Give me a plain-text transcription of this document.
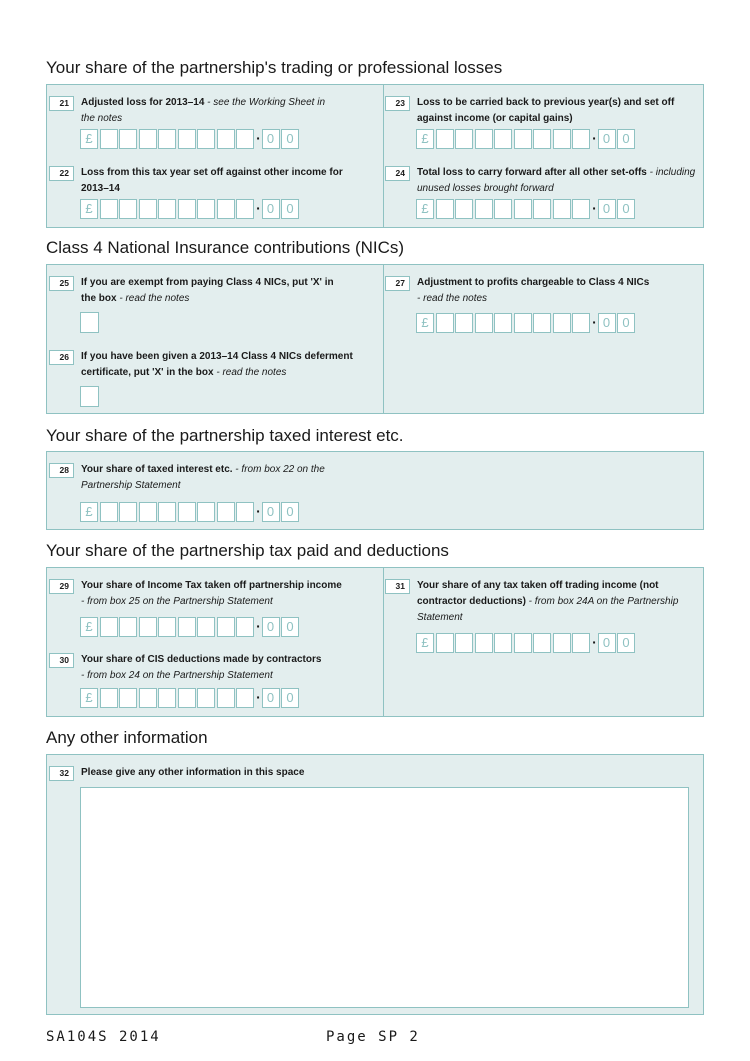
Your share of the partnership's trading or professional losses
21	Adjusted loss for 2013–14 - see the Working Sheet in the notes
£	· 0 0
22	Loss from this tax year set off against other income for 2013–14
£	· 0 0
23	Loss to be carried back to previous year(s) and set off against income (or capital gains)
£	· 0 0
24	Total loss to carry forward after all other set-offs - including unused losses brought forward
£	· 0 0
Class 4 National Insurance contributions (NICs)
25	If you are exempt from paying Class 4 NICs, put 'X' in the box - read the notes
26	If you have been given a 2013–14 Class 4 NICs deferment certificate, put 'X' in the box - read the notes
27	Adjustment to profits chargeable to Class 4 NICs
- read the notes
£	· 0 0
Your share of the partnership taxed interest etc.
28	Your share of taxed interest etc. - from box 22 on the Partnership Statement
£	· 0 0
Your share of the partnership tax paid and deductions
29	Your share of Income Tax taken off partnership income
- from box 25 on the Partnership Statement
£	· 0 0
30	Your share of CIS deductions made by contractors
- from box 24 on the Partnership Statement
£	· 0 0
31	Your share of any tax taken off trading income (not contractor deductions) - from box 24A on the Partnership Statement
£	· 0 0
Any other information
32	Please give any other information in this space
SA104S 2014	Page SP 2
